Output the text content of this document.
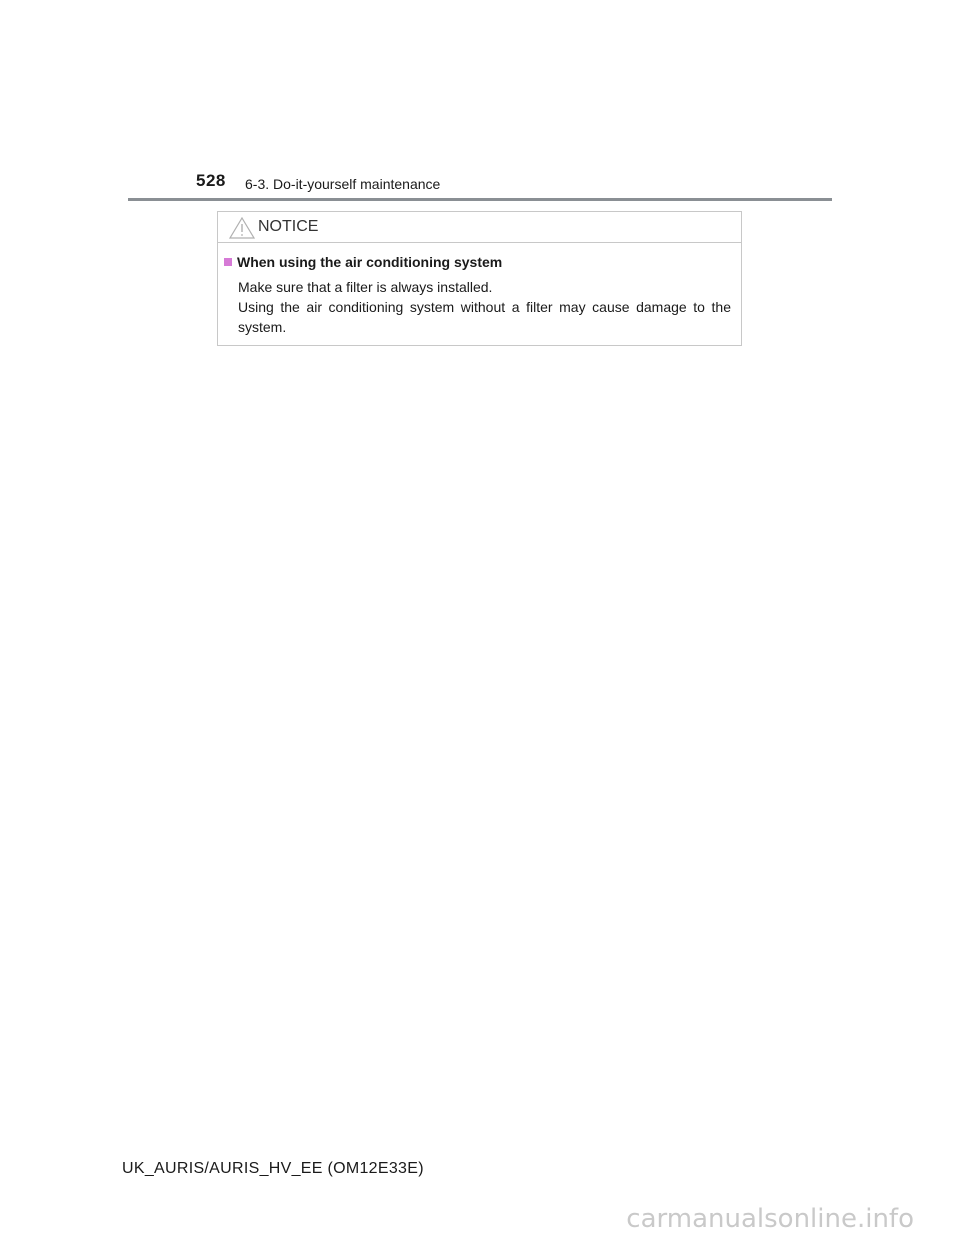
528 6-3. Do-it-yourself maintenance
NOTICE
When using the air conditioning system
Make sure that a filter is always installed.
Using the air conditioning system without a filter may cause damage to the system.
UK_AURIS/AURIS_HV_EE (OM12E33E)
carmanualsonline.info
